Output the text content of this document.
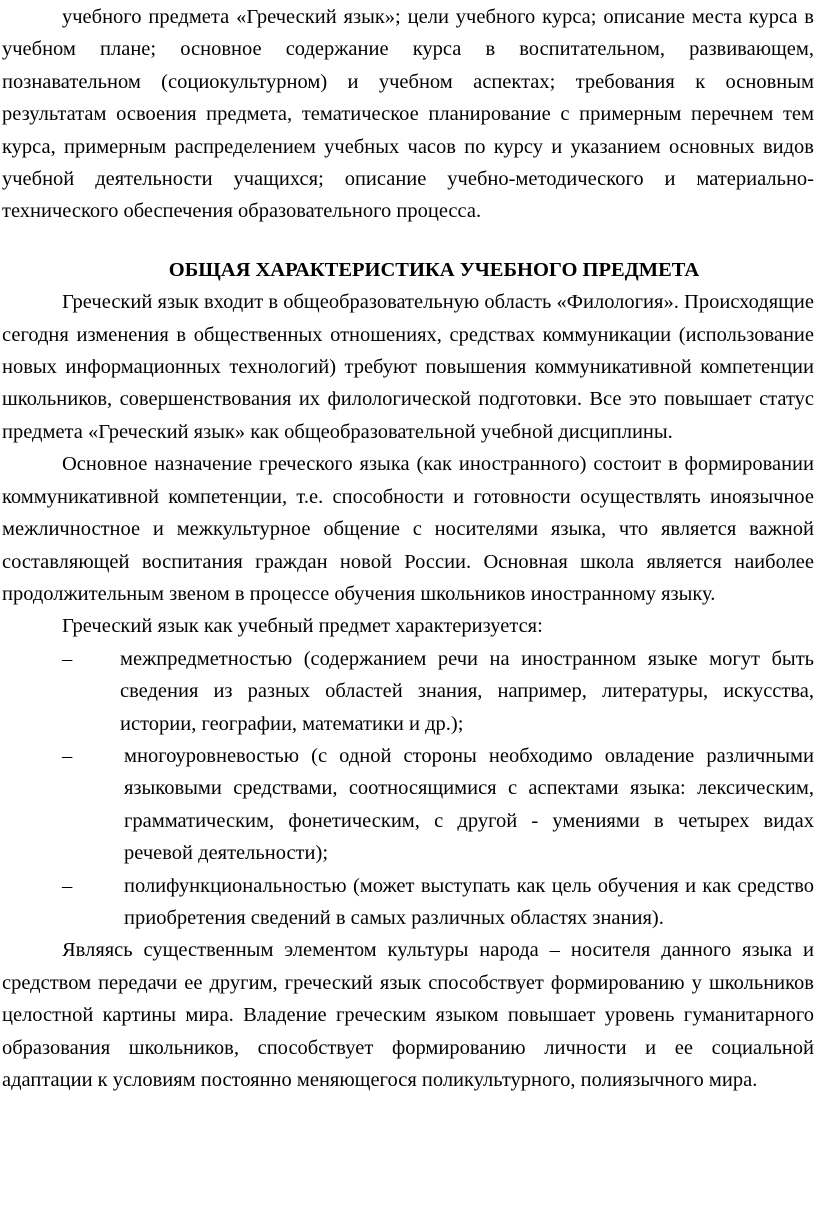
учебного предмета «Греческий язык»; цели учебного курса; описание места курса в учебном плане; основное содержание курса в воспитательном, развивающем, познавательном (социокультурном) и учебном аспектах; требования к основным результатам освоения предмета, тематическое планирование с примерным перечнем тем курса, примерным распределением учебных часов по курсу и указанием основных видов учебной деятельности учащихся; описание учебно-методического и материально-технического обеспечения образовательного процесса.

ОБЩАЯ ХАРАКТЕРИСТИКА УЧЕБНОГО ПРЕДМЕТА

Греческий язык входит в общеобразовательную область «Филология». Происходящие сегодня изменения в общественных отношениях, средствах коммуникации (использование новых информационных технологий) требуют повышения коммуникативной компетенции школьников, совершенствования их филологической подготовки. Все это повышает статус предмета «Греческий язык» как общеобразовательной учебной дисциплины.

Основное назначение греческого языка (как иностранного) состоит в формировании коммуникативной компетенции, т.е. способности и готовности осуществлять иноязычное межличностное и межкультурное общение с носителями языка, что является важной составляющей воспитания граждан новой России. Основная школа является наиболее продолжительным звеном в процессе обучения школьников иностранному языку.

Греческий язык как учебный предмет характеризуется:

– межпредметностью (содержанием речи на иностранном языке могут быть сведения из разных областей знания, например, литературы, искусства, истории, географии, математики и др.);
–	многоуровневостью (с одной стороны необходимо овладение различными языковыми средствами, соотносящимися с аспектами языка: лексическим, грамматическим, фонетическим, с другой - умениями в четырех видах речевой деятельности);
–	полифункциональностью (может выступать как цель обучения и как средство приобретения сведений в самых различных областях знания).

Являясь существенным элементом культуры народа – носителя данного языка и средством передачи ее другим, греческий язык способствует формированию у школьников целостной картины мира. Владение греческим языком повышает уровень гуманитарного образования школьников, способствует формированию личности и ее социальной адаптации к условиям постоянно меняющегося поликультурного, полиязычного мира.
